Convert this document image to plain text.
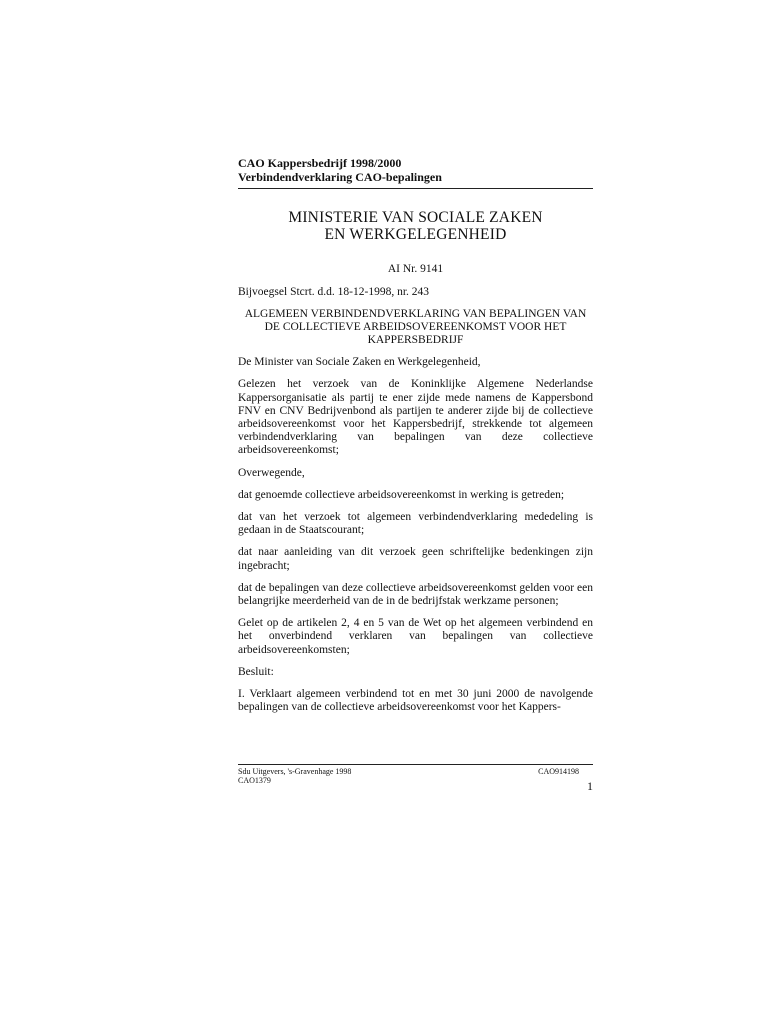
CAO Kappersbedrijf 1998/2000
Verbindendverklaring CAO-bepalingen
MINISTERIE VAN SOCIALE ZAKEN
EN WERKGELEGENHEID
AI Nr. 9141

Bijvoegsel Stcrt. d.d. 18-12-1998, nr. 243

ALGEMEEN VERBINDENDVERKLARING VAN BEPALINGEN VAN DE COLLECTIEVE ARBEIDSOVEREENKOMST VOOR HET KAPPERSBEDRIJF

De Minister van Sociale Zaken en Werkgelegenheid,

Gelezen het verzoek van de Koninklijke Algemene Nederlandse Kappersorganisatie als partij te ener zijde mede namens de Kappersbond FNV en CNV Bedrijvenbond als partijen te anderer zijde bij de collectieve arbeidsovereenkomst voor het Kappersbedrijf, strekkende tot algemeen verbindendverklaring van bepalingen van deze collectieve arbeidsovereenkomst;

Overwegende,

dat genoemde collectieve arbeidsovereenkomst in werking is getreden;

dat van het verzoek tot algemeen verbindendverklaring mededeling is gedaan in de Staatscourant;

dat naar aanleiding van dit verzoek geen schriftelijke bedenkingen zijn ingebracht;

dat de bepalingen van deze collectieve arbeidsovereenkomst gelden voor een belangrijke meerderheid van de in de bedrijfstak werkzame personen;

Gelet op de artikelen 2, 4 en 5 van de Wet op het algemeen verbindend en het onverbindend verklaren van bepalingen van collectieve arbeidsovereenkomsten;

Besluit:

I. Verklaart algemeen verbindend tot en met 30 juni 2000 de navolgende bepalingen van de collectieve arbeidsovereenkomst voor het Kappers-

Sdu Uitgevers, 's-Gravenhage 1998	CAO914198
CAO1379	1
